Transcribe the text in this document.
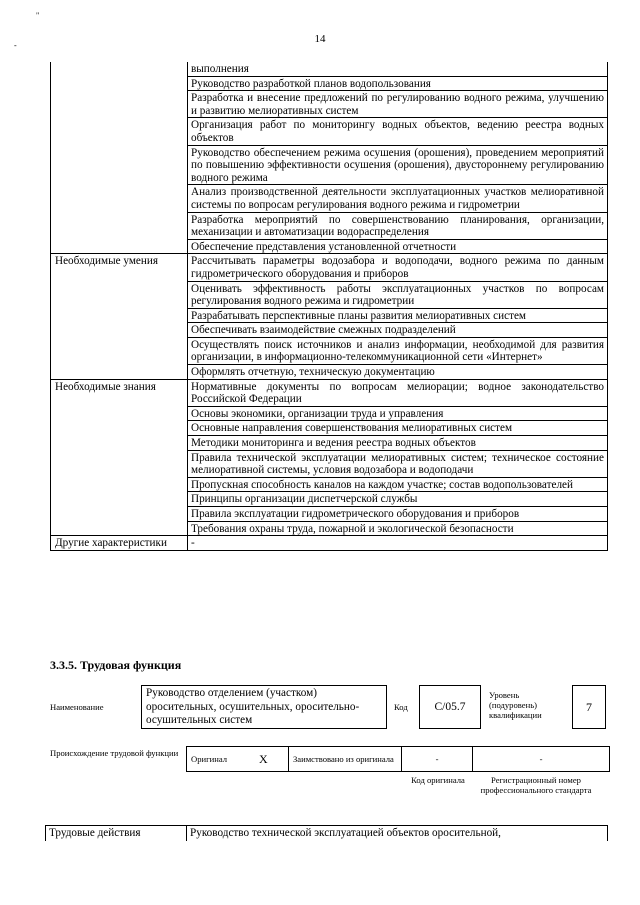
14
"
-
	выполнения
	Руководство разработкой планов водопользования
	Разработка и внесение предложений по регулированию водного режима, улучшению и развитию мелиоративных систем
	Организация работ по мониторингу водных объектов, ведению реестра водных объектов
	Руководство обеспечением режима осушения (орошения), проведением мероприятий по повышению эффективности осушения (орошения), двустороннему регулированию водного режима
	Анализ производственной деятельности эксплуатационных участков мелиоративной системы по вопросам регулирования водного режима и гидрометрии
	Разработка мероприятий по совершенствованию планирования, организации, механизации и автоматизации водораспределения
	Обеспечение представления установленной отчетности
Необходимые умения	Рассчитывать параметры водозабора и водоподачи, водного режима по данным гидрометрического оборудования и приборов
	Оценивать эффективность работы эксплуатационных участков по вопросам регулирования водного режима и гидрометрии
	Разрабатывать перспективные планы развития мелиоративных систем
	Обеспечивать взаимодействие смежных подразделений
	Осуществлять поиск источников и анализ информации, необходимой для развития организации, в информационно-телекоммуникационной сети «Интернет»
	Оформлять отчетную, техническую документацию
Необходимые знания	Нормативные документы по вопросам мелиорации; водное законодательство Российской Федерации
	Основы экономики, организации труда и управления
	Основные направления совершенствования мелиоративных систем
	Методики мониторинга и ведения реестра водных объектов
	Правила технической эксплуатации мелиоративных систем; техническое состояние мелиоративной системы, условия водозабора и водоподачи
	Пропускная способность каналов на каждом участке; состав водопользователей
	Принципы организации диспетчерской службы
	Правила эксплуатации гидрометрического оборудования и приборов
	Требования охраны труда, пожарной и экологической безопасности
Другие характеристики	-
3.3.5. Трудовая функция
Наименование
Руководство отделением (участком) оросительных, осушительных, оросительно-осушительных систем
Код	С/05.7
Уровень (подуровень) квалификации
7
Происхождение трудовой функции
Оригинал	X	Заимствовано из оригинала	-	-
Код оригинала	Регистрационный номер профессионального стандарта
Трудовые действия	Руководство технической эксплуатацией объектов оросительной,
